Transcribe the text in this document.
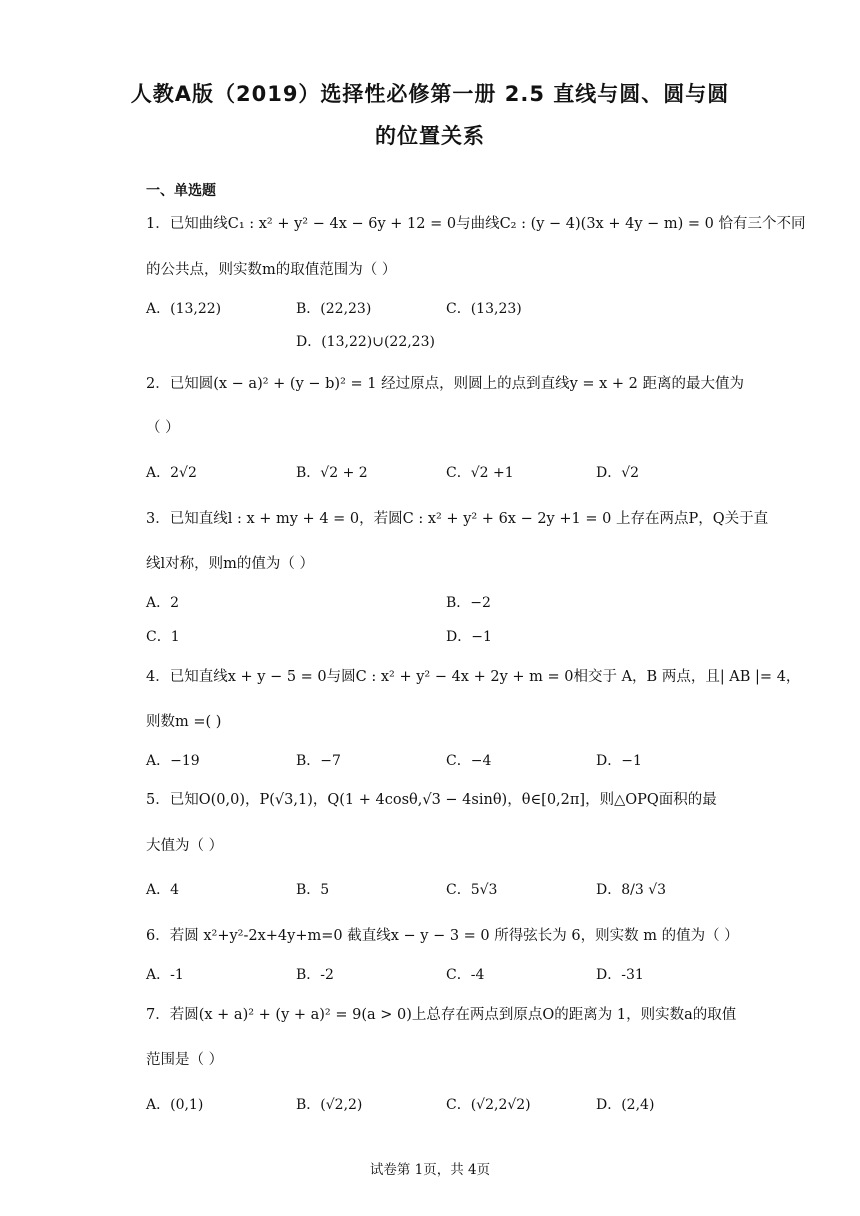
人教A版（2019）选择性必修第一册 2.5 直线与圆、圆与圆
的位置关系
一、单选题
1．已知曲线C₁ : x² + y² − 4x − 6y + 12 = 0与曲线C₂ : (y − 4)(3x + 4y − m) = 0 恰有三个不同
的公共点，则实数m的取值范围为（ ）
A．(13,22)	B．(22,23)	C．(13,23)
D．(13,22)∪(22,23)
2．已知圆(x − a)² + (y − b)² = 1 经过原点，则圆上的点到直线y = x + 2 距离的最大值为
（ ）
A．2√2	B．√2 + 2	C．√2 +1	D．√2
3．已知直线l : x + my + 4 = 0，若圆C : x² + y² + 6x − 2y +1 = 0 上存在两点P，Q关于直
线l对称，则m的值为（ ）
A．2	B．−2
C．1	D．−1
4．已知直线x + y − 5 = 0与圆C : x² + y² − 4x + 2y + m = 0相交于 A，B 两点，且| AB |= 4，
则数m =( )
A．−19	B．−7	C．−4	D．−1
5．已知O(0,0)，P(√3,1)，Q(1 + 4cosθ,√3 − 4sinθ)，θ∈[0,2π]，则△OPQ面积的最
大值为（ ）
A．4	B．5	C．5√3	D．8/3 √3
6．若圆 x²+y²-2x+4y+m=0 截直线x − y − 3 = 0 所得弦长为 6，则实数 m 的值为（ ）
A．-1	B．-2	C．-4	D．-31
7．若圆(x + a)² + (y + a)² = 9(a > 0)上总存在两点到原点O的距离为 1，则实数a的取值
范围是（ ）
A．(0,1)	B．(√2,2)	C．(√2,2√2)	D．(2,4)
试卷第 1页，共 4页
